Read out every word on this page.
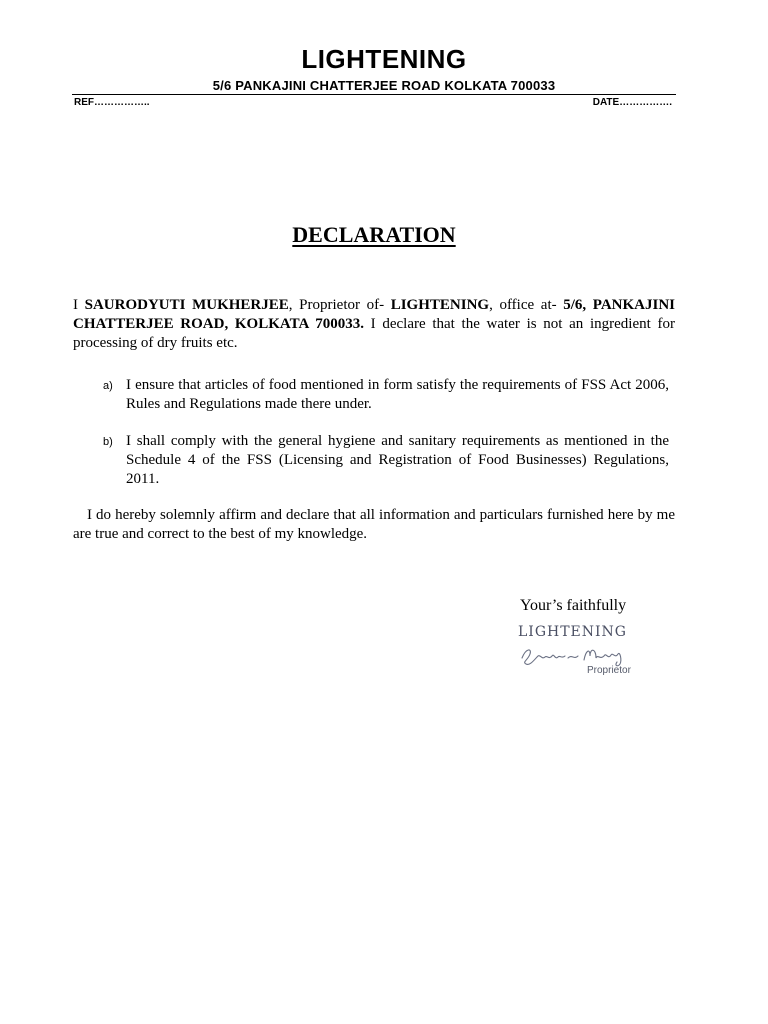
LIGHTENING
5/6 PANKAJINI CHATTERJEE ROAD KOLKATA 700033
REF……………..	DATE…………….
DECLARATION
I SAURODYUTI MUKHERJEE, Proprietor of- LIGHTENING, office at- 5/6, PANKAJINI CHATTERJEE ROAD, KOLKATA 700033. I declare that the water is not an ingredient for processing of dry fruits etc.
a) I ensure that articles of food mentioned in form satisfy the requirements of FSS Act 2006, Rules and Regulations made there under.
b) I shall comply with the general hygiene and sanitary requirements as mentioned in the Schedule 4 of the FSS (Licensing and Registration of Food Businesses) Regulations, 2011.
I do hereby solemnly affirm and declare that all information and particulars furnished here by me are true and correct to the best of my knowledge.
Your’s faithfully
LIGHTENING
Proprietor
